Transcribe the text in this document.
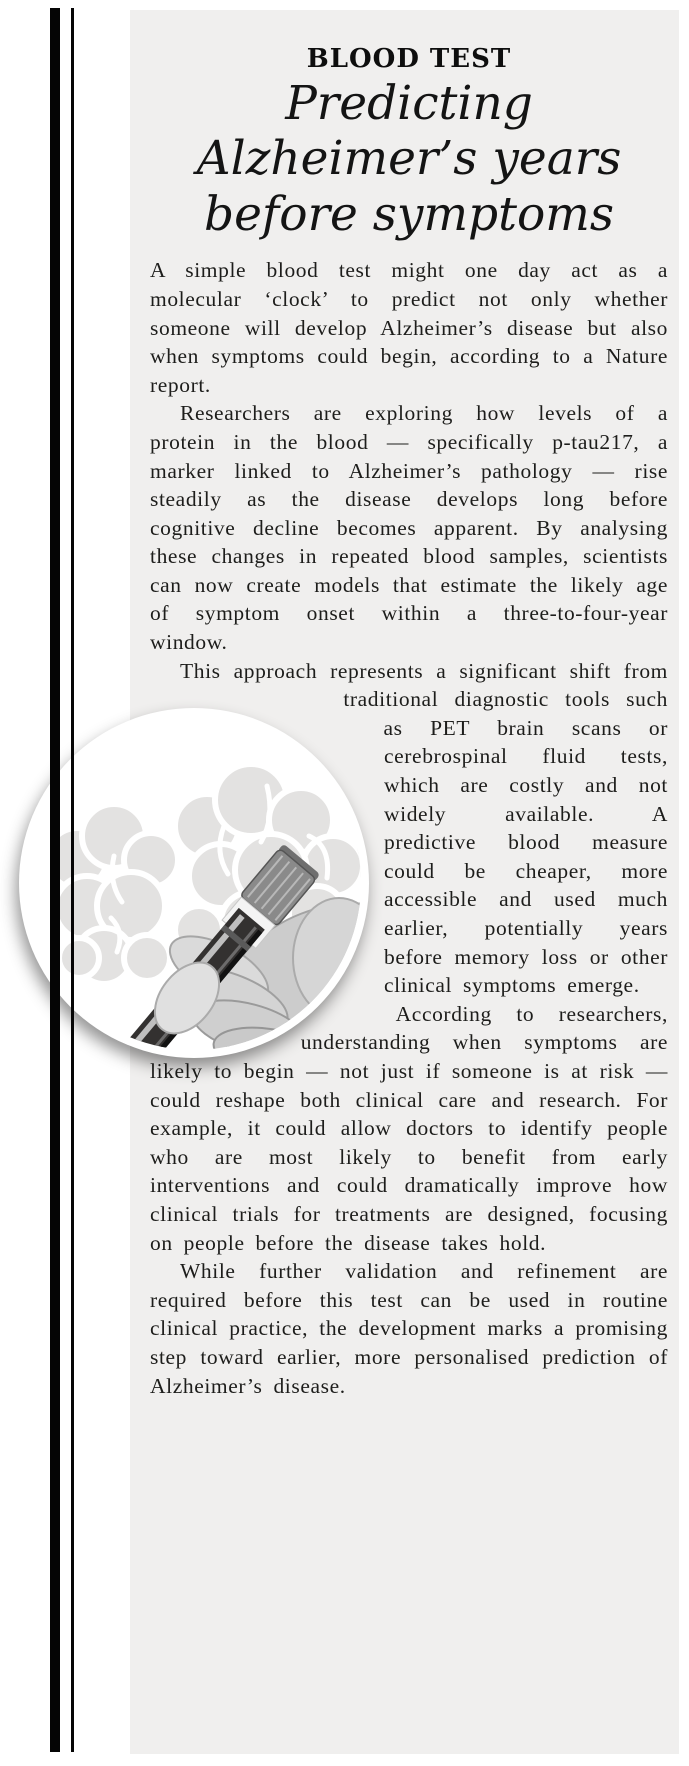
BLOOD TEST
Predicting
Alzheimer’s years
before symptoms

A simple blood test might one day act as a molecular ‘clock’ to predict not only whether someone will develop Alzheimer’s disease but also when symptoms could begin, according to a Nature report.

Researchers are exploring how levels of a protein in the blood — specifically p-tau217, a marker linked to Alzheimer’s pathology — rise steadily as the disease develops long before cognitive decline becomes apparent. By analysing these changes in repeated blood samples, scientists can now create models that estimate the likely age of symptom onset within a three-to-four-year window.

This approach represents a significant shift from traditional diagnostic tools such as PET brain scans or cerebrospinal fluid tests, which are costly and not widely available. A predictive blood measure could be cheaper, more accessible and used much earlier, potentially years before memory loss or other clinical symptoms emerge.

According to researchers, understanding when symptoms are likely to begin — not just if someone is at risk — could reshape both clinical care and research. For example, it could allow doctors to identify people who are most likely to benefit from early interventions and could dramatically improve how clinical trials for treatments are designed, focusing on people before the disease takes hold.

While further validation and refinement are required before this test can be used in routine clinical practice, the development marks a promising step toward earlier, more personalised prediction of Alzheimer’s disease.
